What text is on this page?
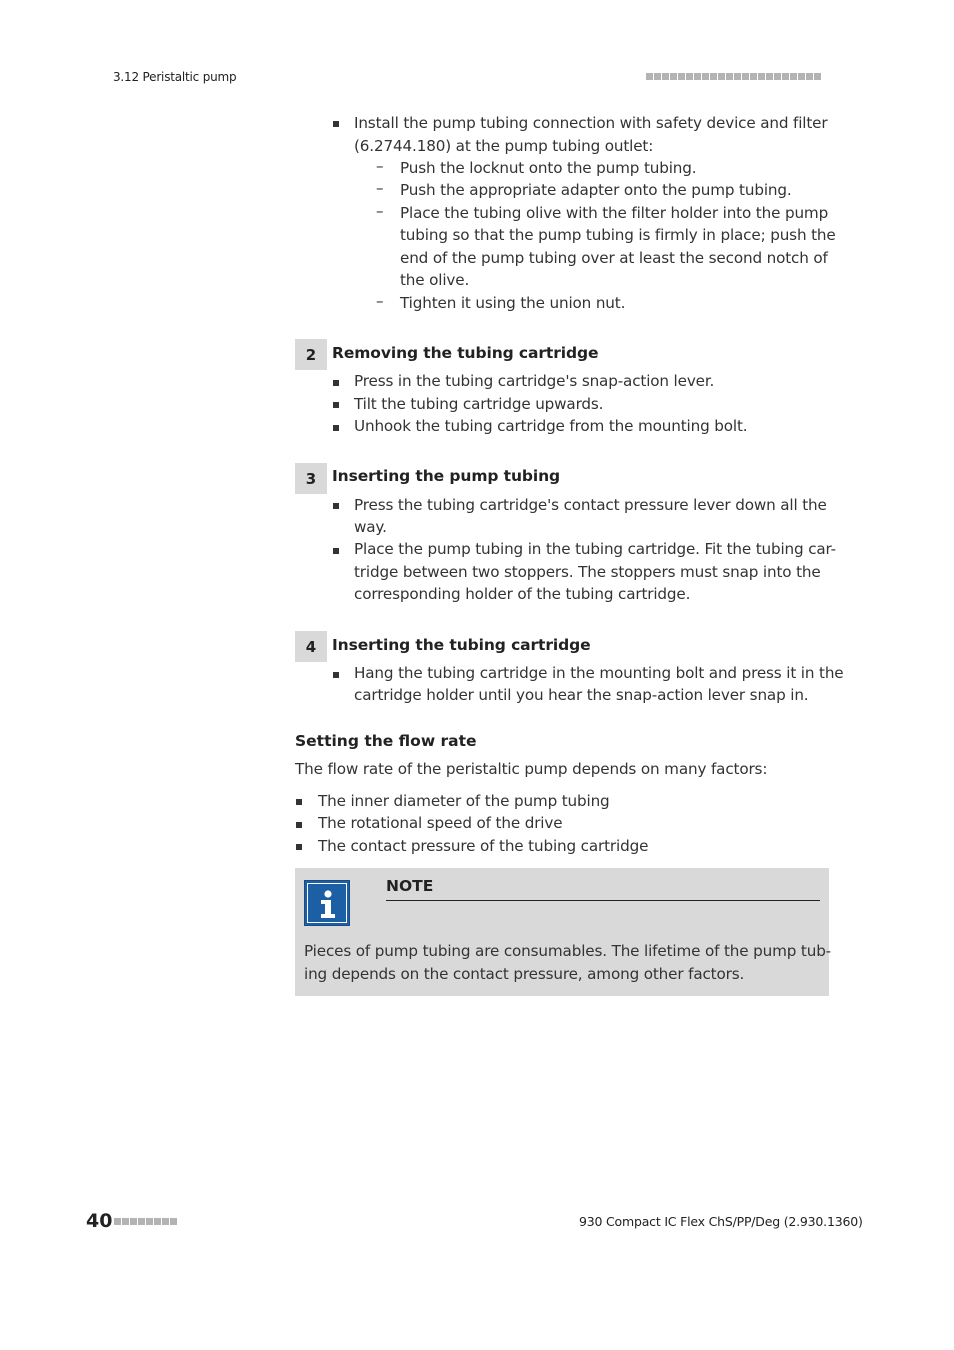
3.12 Peristaltic pump
Install the pump tubing connection with safety device and filter
(6.2744.180) at the pump tubing outlet:
– Push the locknut onto the pump tubing.
– Push the appropriate adapter onto the pump tubing.
– Place the tubing olive with the filter holder into the pump
tubing so that the pump tubing is firmly in place; push the
end of the pump tubing over at least the second notch of
the olive.
– Tighten it using the union nut.
2	Removing the tubing cartridge
Press in the tubing cartridge's snap-action lever.
Tilt the tubing cartridge upwards.
Unhook the tubing cartridge from the mounting bolt.
3	Inserting the pump tubing
Press the tubing cartridge's contact pressure lever down all the
way.
Place the pump tubing in the tubing cartridge. Fit the tubing car-
tridge between two stoppers. The stoppers must snap into the
corresponding holder of the tubing cartridge.
4	Inserting the tubing cartridge
Hang the tubing cartridge in the mounting bolt and press it in the
cartridge holder until you hear the snap-action lever snap in.
Setting the flow rate
The flow rate of the peristaltic pump depends on many factors:
The inner diameter of the pump tubing
The rotational speed of the drive
The contact pressure of the tubing cartridge
NOTE
Pieces of pump tubing are consumables. The lifetime of the pump tub-
ing depends on the contact pressure, among other factors.
40	930 Compact IC Flex ChS/PP/Deg (2.930.1360)
